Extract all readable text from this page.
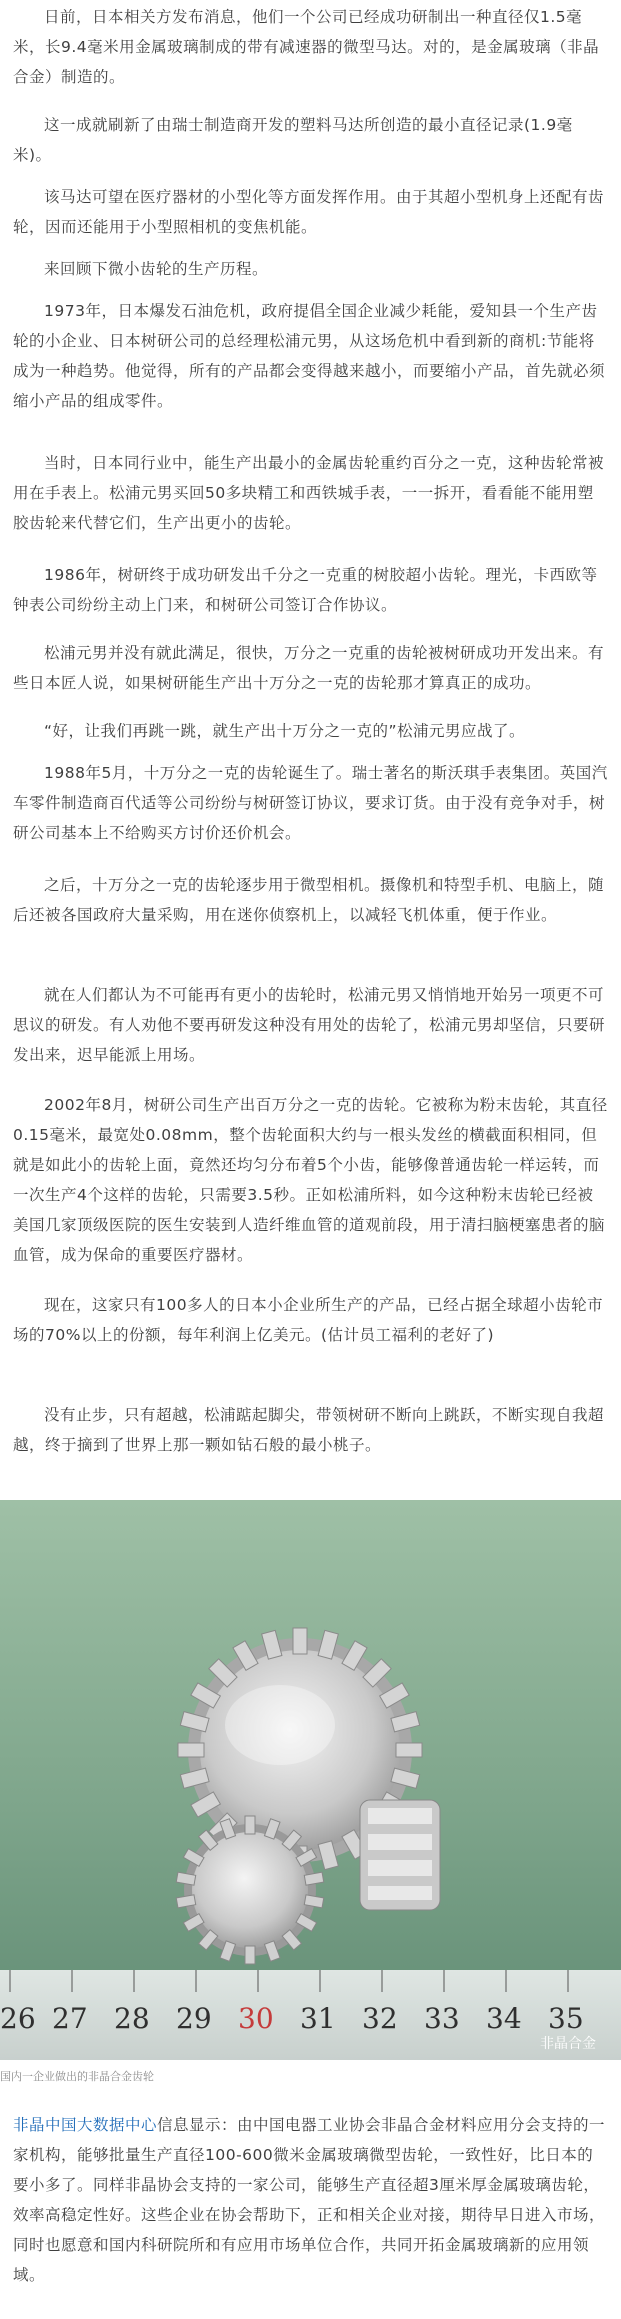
日前，日本相关方发布消息，他们一个公司已经成功研制出一种直径仅1.5毫米，长9.4毫米用金属玻璃制成的带有减速器的微型马达。对的，是金属玻璃（非晶合金）制造的。

这一成就刷新了由瑞士制造商开发的塑料马达所创造的最小直径记录(1.9毫米)。

该马达可望在医疗器材的小型化等方面发挥作用。由于其超小型机身上还配有齿轮，因而还能用于小型照相机的变焦机能。

来回顾下微小齿轮的生产历程。

1973年，日本爆发石油危机，政府提倡全国企业减少耗能，爱知县一个生产齿轮的小企业、日本树研公司的总经理松浦元男，从这场危机中看到新的商机:节能将成为一种趋势。他觉得，所有的产品都会变得越来越小，而要缩小产品，首先就必须缩小产品的组成零件。

当时，日本同行业中，能生产出最小的金属齿轮重约百分之一克，这种齿轮常被用在手表上。松浦元男买回50多块精工和西铁城手表，一一拆开，看看能不能用塑胶齿轮来代替它们，生产出更小的齿轮。

1986年，树研终于成功研发出千分之一克重的树胶超小齿轮。理光，卡西欧等钟表公司纷纷主动上门来，和树研公司签订合作协议。

松浦元男并没有就此满足，很快，万分之一克重的齿轮被树研成功开发出来。有些日本匠人说，如果树研能生产出十万分之一克的齿轮那才算真正的成功。

“好，让我们再跳一跳，就生产出十万分之一克的”松浦元男应战了。

1988年5月，十万分之一克的齿轮诞生了。瑞士著名的斯沃琪手表集团。英国汽车零件制造商百代适等公司纷纷与树研签订协议，要求订货。由于没有竞争对手，树研公司基本上不给购买方讨价还价机会。

之后，十万分之一克的齿轮逐步用于微型相机。摄像机和特型手机、电脑上，随后还被各国政府大量采购，用在迷你侦察机上，以减轻飞机体重，便于作业。

就在人们都认为不可能再有更小的齿轮时，松浦元男又悄悄地开始另一项更不可思议的研发。有人劝他不要再研发这种没有用处的齿轮了，松浦元男却坚信，只要研发出来，迟早能派上用场。

2002年8月，树研公司生产出百万分之一克的齿轮。它被称为粉末齿轮，其直径0.15毫米，最宽处0.08mm，整个齿轮面积大约与一根头发丝的横截面积相同，但就是如此小的齿轮上面，竟然还均匀分布着5个小齿，能够像普通齿轮一样运转，而一次生产4个这样的齿轮，只需要3.5秒。正如松浦所料，如今这种粉末齿轮已经被美国几家顶级医院的医生安装到人造纤维血管的道观前段，用于清扫脑梗塞患者的脑血管，成为保命的重要医疗器材。

现在，这家只有100多人的日本小企业所生产的产品，已经占据全球超小齿轮市场的70%以上的份额，每年利润上亿美元。(估计员工福利的老好了)

没有止步，只有超越，松浦踮起脚尖，带领树研不断向上跳跃，不断实现自我超越，终于摘到了世界上那一颗如钻石般的最小桃子。

26 27 28 29 30 31 32 33 34 35
非晶合金
国内一企业做出的非晶合金齿轮

非晶中国大数据中心信息显示：由中国电器工业协会非晶合金材料应用分会支持的一家机构，能够批量生产直径100-600微米金属玻璃微型齿轮，一致性好，比日本的要小多了。同样非晶协会支持的一家公司，能够生产直径超3厘米厚金属玻璃齿轮，效率高稳定性好。这些企业在协会帮助下，正和相关企业对接，期待早日进入市场，同时也愿意和国内科研院所和有应用市场单位合作，共同开拓金属玻璃新的应用领域。
